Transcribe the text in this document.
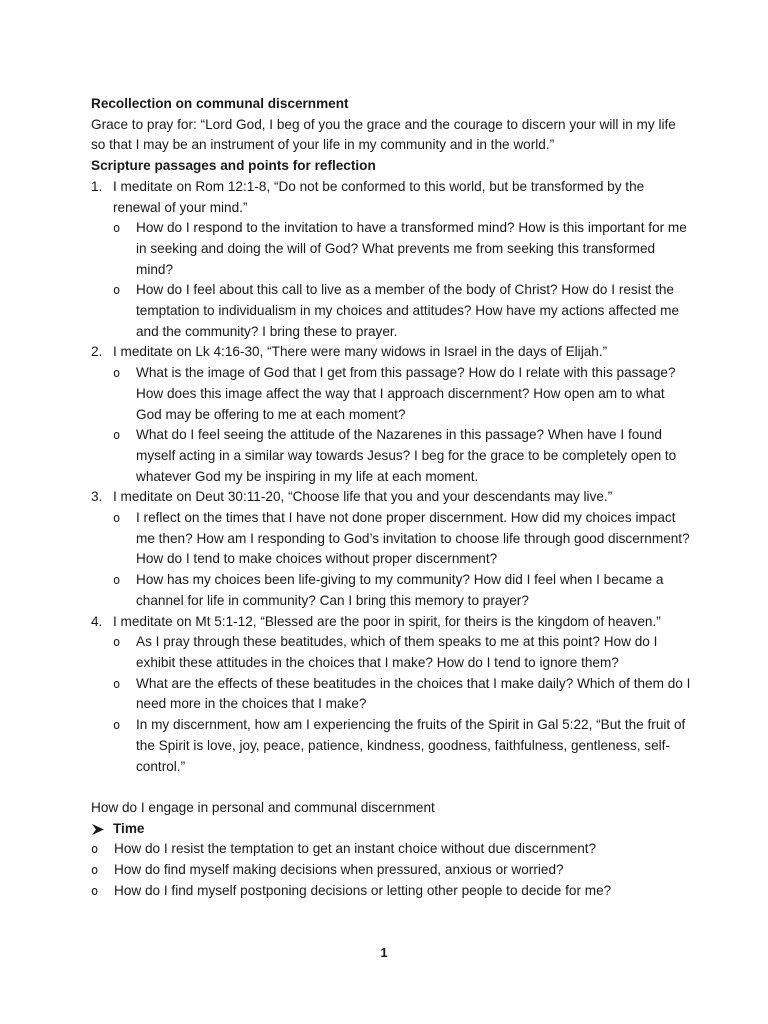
Recollection on communal discernment

Grace to pray for: “Lord God, I beg of you the grace and the courage to discern your will in my life so that I may be an instrument of your life in my community and in the world.”

Scripture passages and points for reflection

1. I meditate on Rom 12:1-8, “Do not be conformed to this world, but be transformed by the renewal of your mind.”
o How do I respond to the invitation to have a transformed mind? How is this important for me in seeking and doing the will of God? What prevents me from seeking this transformed mind?
o How do I feel about this call to live as a member of the body of Christ? How do I resist the temptation to individualism in my choices and attitudes? How have my actions affected me and the community? I bring these to prayer.
2. I meditate on Lk 4:16-30, “There were many widows in Israel in the days of Elijah.”
o What is the image of God that I get from this passage? How do I relate with this passage? How does this image affect the way that I approach discernment? How open am to what God may be offering to me at each moment?
o What do I feel seeing the attitude of the Nazarenes in this passage? When have I found myself acting in a similar way towards Jesus? I beg for the grace to be completely open to whatever God my be inspiring in my life at each moment.
3. I meditate on Deut 30:11-20, “Choose life that you and your descendants may live.”
o I reflect on the times that I have not done proper discernment. How did my choices impact me then? How am I responding to God’s invitation to choose life through good discernment? How do I tend to make choices without proper discernment?
o How has my choices been life-giving to my community? How did I feel when I became a channel for life in community? Can I bring this memory to prayer?
4. I meditate on Mt 5:1-12, “Blessed are the poor in spirit, for theirs is the kingdom of heaven.”
o As I pray through these beatitudes, which of them speaks to me at this point? How do I exhibit these attitudes in the choices that I make? How do I tend to ignore them?
o What are the effects of these beatitudes in the choices that I make daily? Which of them do I need more in the choices that I make?
o In my discernment, how am I experiencing the fruits of the Spirit in Gal 5:22, “But the fruit of the Spirit is love, joy, peace, patience, kindness, goodness, faithfulness, gentleness, self-control.”

How do I engage in personal and communal discernment

Time
o How do I resist the temptation to get an instant choice without due discernment?
o How do find myself making decisions when pressured, anxious or worried?
o How do I find myself postponing decisions or letting other people to decide for me?
1
